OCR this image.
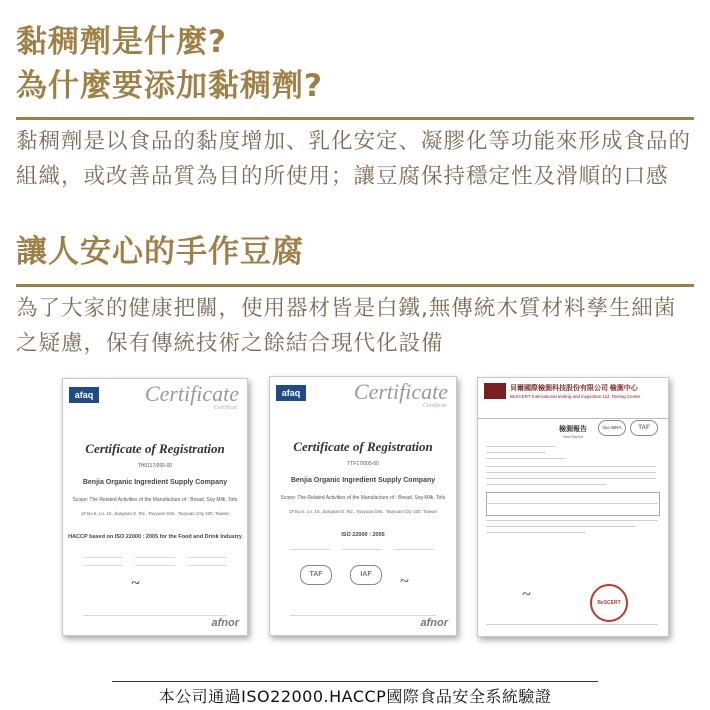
黏稠劑是什麼?
為什麼要添加黏稠劑?
黏稠劑是以食品的黏度增加、乳化安定、凝膠化等功能來形成食品的
組織，或改善品質為目的所使用；讓豆腐保持穩定性及滑順的口感
讓人安心的手作豆腐
為了大家的健康把關，使用器材皆是白鐵,無傳統木質材料孳生細菌
之疑慮，保有傳統技術之餘結合現代化設備
afaq Certificate
Certificat
Certificate of Registration
TH0117/095-00
Benjia Organic Ingredient Supply Company
Scope: The Related Activities of the Manufacture of : Bread, Soy Milk, Tofu
1F,No.5, Ln. 15, Jiangsan E. Rd., Taoyuan Dist., Taoyuan City 330, Taiwan
HACCP based on ISO 22000 : 2005 for the Food and Drink Industry
~
afnor
afaq Certificate
Certificat
Certificate of Registration
TTF17/005-00
Benjia Organic Ingredient Supply Company
Scope: The Related Activities of the Manufacture of : Bread, Soy Milk, Tofu
1F,No.5, Ln. 15, Jiangsan E. Rd., Taoyuan Dist., Taoyuan City 330, Taiwan
ISO 22000 : 2005
TAF	IAF	~
afnor
貝爾國際檢測科技股份有限公司 檢測中心
BeSCERT International testing and inspection Ltd. Testing Center
檢測報告
Test Report
ilac-MRA	TAF
~	BeSCERT
本公司通過ISO22000.HACCP國際食品安全系統驗證
